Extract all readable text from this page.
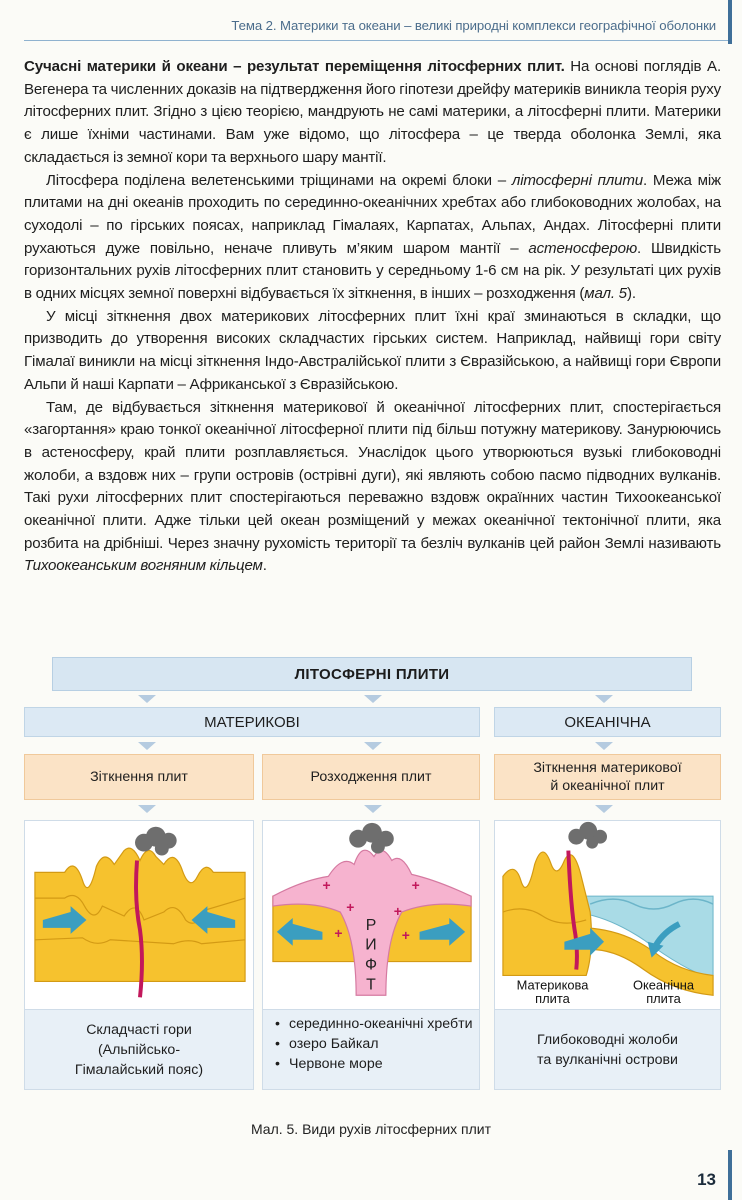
Тема 2. Материки та океани – великі природні комплекси географічної оболонки

Сучасні материки й океани – результат переміщення літосферних плит. На основі поглядів А. Вегенера та численних доказів на підтвердження його гіпотези дрейфу материків виникла теорія руху літосферних плит. Згідно з цією теорією, мандрують не самі материки, а літосферні плити. Материки є лише їхніми частинами. Вам уже відомо, що літосфера – це тверда оболонка Землі, яка складається із земної кори та верхнього шару мантії.

Літосфера поділена велетенськими тріщинами на окремі блоки – літосферні плити. Межа між плитами на дні океанів проходить по серединно-океанічних хребтах або глибоководних жолобах, на суходолі – по гірських поясах, наприклад Гімалаях, Карпатах, Альпах, Андах. Літосферні плити рухаються дуже повільно, неначе пливуть м’яким шаром мантії – астеносферою. Швидкість горизонтальних рухів літосферних плит становить у середньому 1-6 см на рік. У результаті цих рухів в одних місцях земної поверхні відбувається їх зіткнення, в інших – розходження (мал. 5).

У місці зіткнення двох материкових літосферних плит їхні краї зминаються в складки, що призводить до утворення високих складчастих гірських систем. Наприклад, найвищі гори світу Гімалаї виникли на місці зіткнення Індо-Австралійської плити з Євразійською, а найвищі гори Європи Альпи й наші Карпати – Африканської з Євразійською.

Там, де відбувається зіткнення материкової й океанічної літосферних плит, спостерігається «загортання» краю тонкої океанічної літосферної плити під більш потужну материкову. Занурюючись в астеносферу, край плити розплавляється. Унаслідок цього утворюються вузькі глибоководні жолоби, а вздовж них – групи островів (острівні дуги), які являють собою пасмо підводних вулканів. Такі рухи літосферних плит спостерігаються переважно вздовж окраїнних частин Тихоокеанської океанічної плити. Адже тільки цей океан розміщений у межах океанічної тектонічної плити, яка розбита на дрібніші. Через значну рухомість території та безліч вулканів цей район Землі називають Тихоокеанським вогняним кільцем.

ЛІТОСФЕРНІ ПЛИТИ
МАТЕРИКОВІ	ОКЕАНІЧНА
Зіткнення плит	Розходження плит
Зіткнення материкової
й океанічної плит
+	+
+	+
+	+
Р
И
Ф
Т	Материкова
плита
Океанічна
плита
Складчасті гори
(Альпійсько-
Гімалайський пояс)
• серединно-океанічні хребти
• озеро Байкал
• Червоне море
Глибоководні жолоби
та вулканічні острови
Мал. 5. Види рухів літосферних плит
13
